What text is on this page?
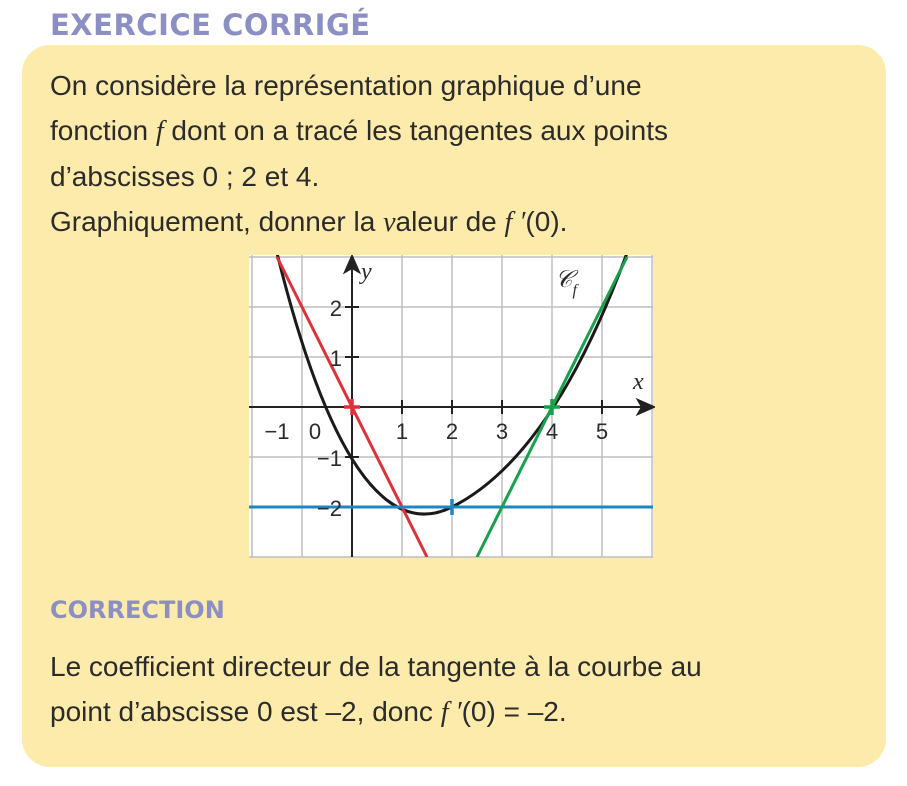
EXERCICE CORRIGÉ

On considère la représentation graphique d’une

fonction f dont on a tracé les tangentes aux points

d’abscisses 0 ; 2 et 4.

Graphiquement, donner la valeur de f ′(0).

y
x
𝒞$_f$
−1 0	1 2 3 4 5
2
1
−1
−2
CORRECTION

Le coefficient directeur de la tangente à la courbe au

point d’abscisse 0 est –2, donc f ′(0) = –2.
